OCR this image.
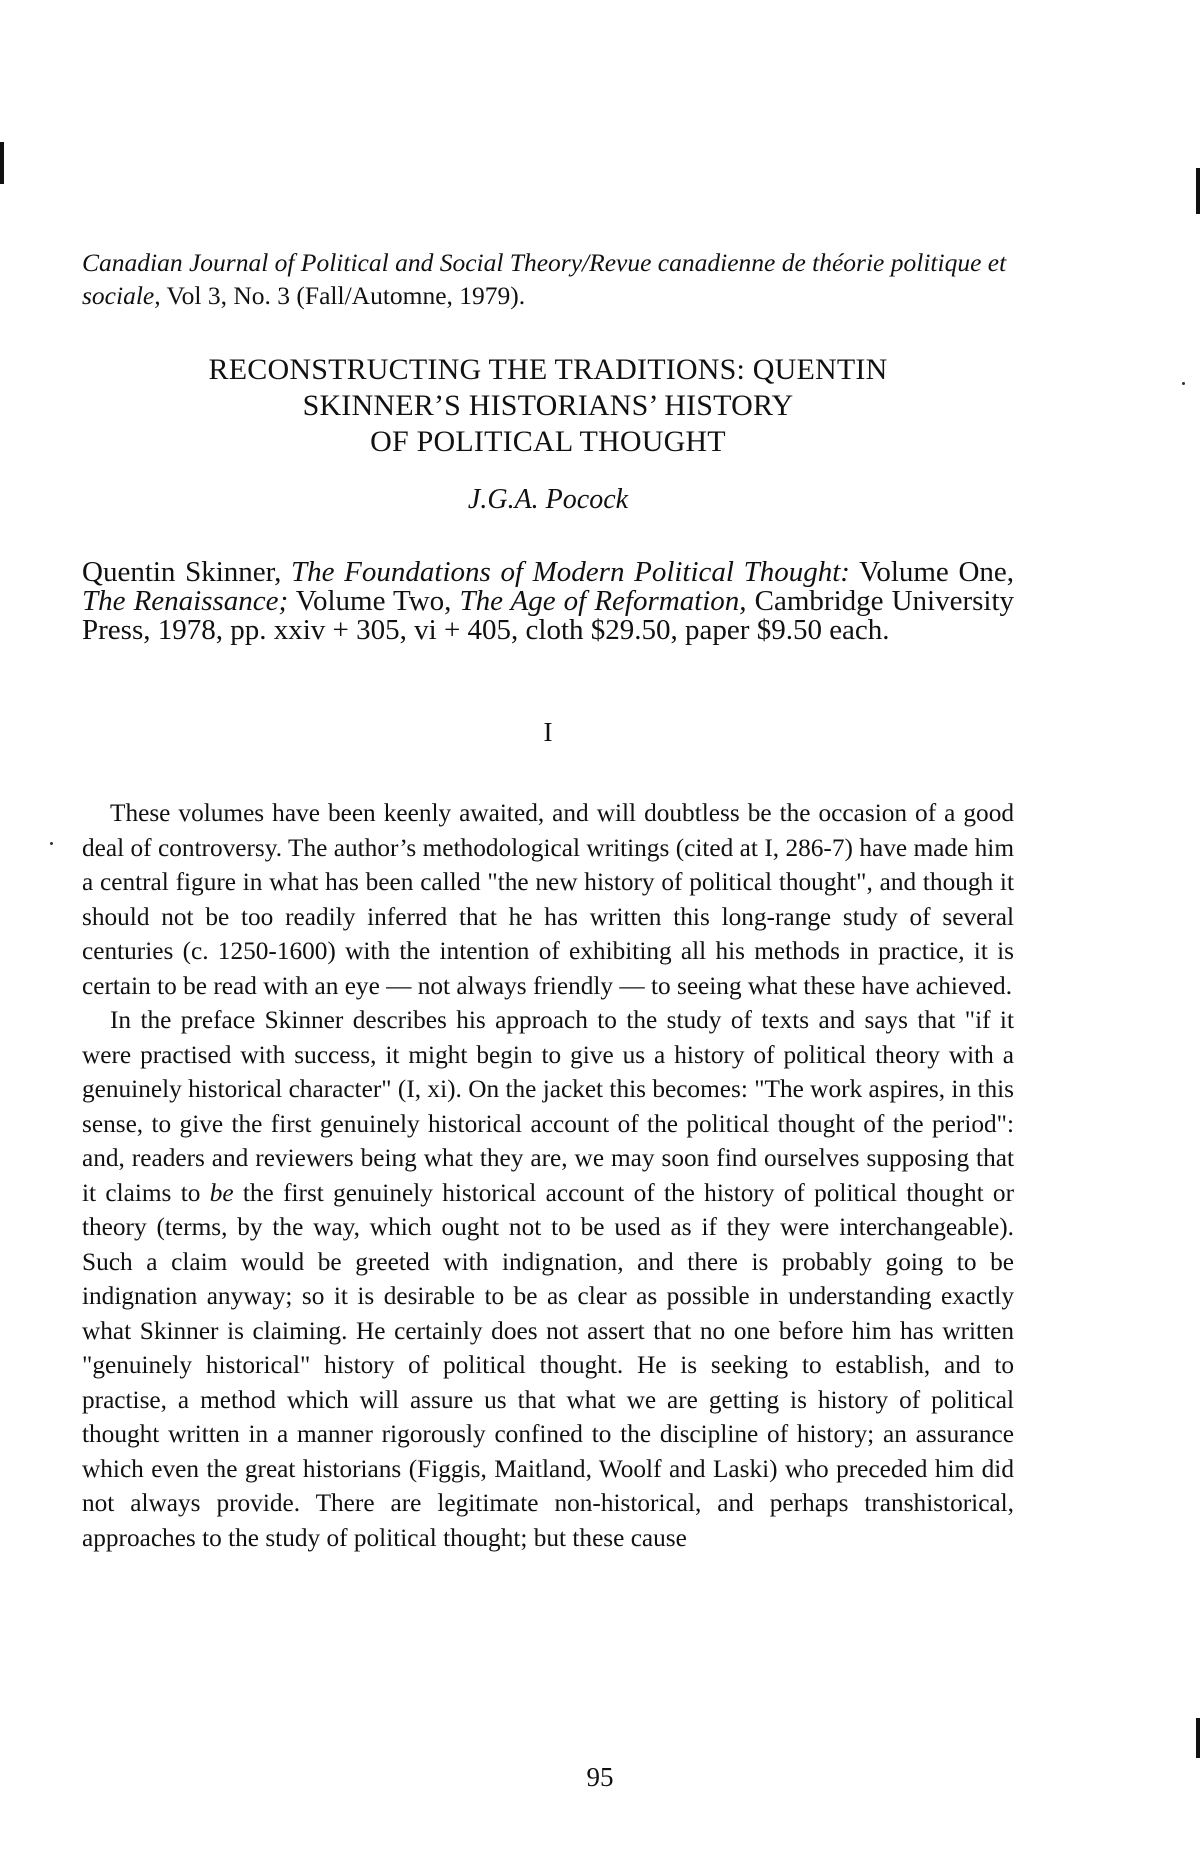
Canadian Journal of Political and Social Theory/Revue canadienne de théorie politique et sociale, Vol 3, No. 3 (Fall/Automne, 1979).

RECONSTRUCTING THE TRADITIONS: QUENTIN
SKINNER’S HISTORIANS’ HISTORY
OF POLITICAL THOUGHT
J.G.A. Pocock
Quentin Skinner, The Foundations of Modern Political Thought: Volume One, The Renaissance; Volume Two, The Age of Reformation, Cambridge University Press, 1978, pp. xxiv + 305, vi + 405, cloth $29.50, paper $9.50 each.
I

These volumes have been keenly awaited, and will doubtless be the occasion of a good deal of controversy. The author’s methodological writings (cited at I, 286-7) have made him a central figure in what has been called "the new history of political thought", and though it should not be too readily inferred that he has written this long-range study of several centuries (c. 1250-1600) with the intention of exhibiting all his methods in practice, it is certain to be read with an eye — not always friendly — to seeing what these have achieved.

In the preface Skinner describes his approach to the study of texts and says that "if it were practised with success, it might begin to give us a history of political theory with a genuinely historical character" (I, xi). On the jacket this becomes: "The work aspires, in this sense, to give the first genuinely historical account of the political thought of the period": and, readers and reviewers being what they are, we may soon find ourselves supposing that it claims to be the first genuinely historical account of the history of political thought or theory (terms, by the way, which ought not to be used as if they were interchangeable). Such a claim would be greeted with indignation, and there is probably going to be indignation anyway; so it is desirable to be as clear as possible in understanding exactly what Skinner is claiming. He certainly does not assert that no one before him has written "genuinely historical" history of political thought. He is seeking to establish, and to practise, a method which will assure us that what we are getting is history of political thought written in a manner rigorously confined to the discipline of history; an assurance which even the great historians (Figgis, Maitland, Woolf and Laski) who preceded him did not always provide. There are legitimate non-historical, and perhaps transhistorical, approaches to the study of political thought; but these cause

95
